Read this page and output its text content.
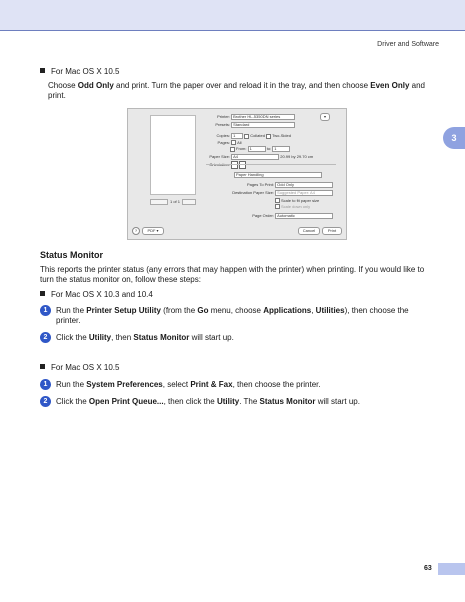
Driver and Software
3
For Mac OS X 10.5
Choose Odd Only and print. Turn the paper over and reload it in the tray, and then choose Even Only and print.
1 of 1
Printer: Brother HL-5350DN series	▾
Presets: Standard
Copies: 1	Collated Two-Sided
Pages: All
From: 1	to: 1
Paper Size: A4	20.99 by 29.70 cm

Paper Handling
Pages To Print: Odd Only
Destination Paper Size: Suggested Paper: A4
Scale to fit paper size
Scale down only
Page Order: Automatic
?	PDF ▾	Cancel	Print
Status Monitor
This reports the printer status (any errors that may happen with the printer) when printing. If you would like to turn the status monitor on, follow these steps:
For Mac OS X 10.3 and 10.4
1	Run the Printer Setup Utility (from the Go menu, choose Applications, Utilities), then choose the printer.
2	Click the Utility, then Status Monitor will start up.
For Mac OS X 10.5
1	Run the System Preferences, select Print & Fax, then choose the printer.
2	Click the Open Print Queue..., then click the Utility. The Status Monitor will start up.
63
